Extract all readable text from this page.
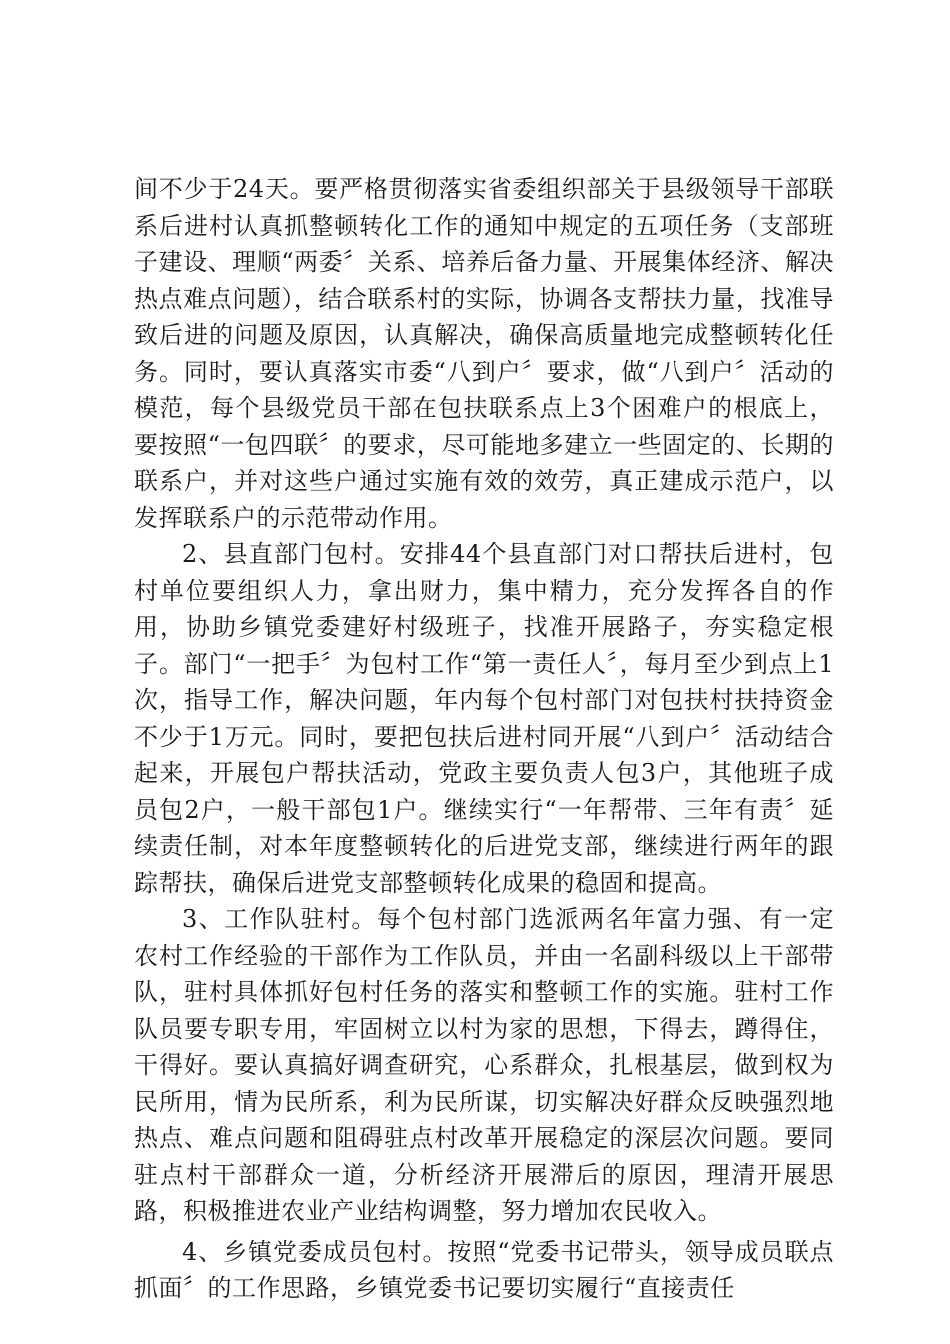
间不少于24天。要严格贯彻落实省委组织部关于县级领导干部联系后进村认真抓整顿转化工作的通知中规定的五项任务（支部班子建设、理顺“两委〞关系、培养后备力量、开展集体经济、解决热点难点问题），结合联系村的实际，协调各支帮扶力量，找准导致后进的问题及原因，认真解决，确保高质量地完成整顿转化任务。同时，要认真落实市委“八到户〞要求，做“八到户〞活动的模范，每个县级党员干部在包扶联系点上3个困难户的根底上，要按照“一包四联〞的要求，尽可能地多建立一些固定的、长期的联系户，并对这些户通过实施有效的效劳，真正建成示范户，以发挥联系户的示范带动作用。

2、县直部门包村。安排44个县直部门对口帮扶后进村，包村单位要组织人力，拿出财力，集中精力，充分发挥各自的作用，协助乡镇党委建好村级班子，找准开展路子，夯实稳定根子。部门“一把手〞为包村工作“第一责任人〞，每月至少到点上1次，指导工作，解决问题，年内每个包村部门对包扶村扶持资金不少于1万元。同时，要把包扶后进村同开展“八到户〞活动结合起来，开展包户帮扶活动，党政主要负责人包3户，其他班子成员包2户，一般干部包1户。继续实行“一年帮带、三年有责〞延续责任制，对本年度整顿转化的后进党支部，继续进行两年的跟踪帮扶，确保后进党支部整顿转化成果的稳固和提高。

3、工作队驻村。每个包村部门选派两名年富力强、有一定农村工作经验的干部作为工作队员，并由一名副科级以上干部带队，驻村具体抓好包村任务的落实和整顿工作的实施。驻村工作队员要专职专用，牢固树立以村为家的思想，下得去，蹲得住，干得好。要认真搞好调查研究，心系群众，扎根基层，做到权为民所用，情为民所系，利为民所谋，切实解决好群众反映强烈地热点、难点问题和阻碍驻点村改革开展稳定的深层次问题。要同驻点村干部群众一道，分析经济开展滞后的原因，理清开展思路，积极推进农业产业结构调整，努力增加农民收入。

4、乡镇党委成员包村。按照“党委书记带头，领导成员联点抓面〞的工作思路，乡镇党委书记要切实履行“直接责任
